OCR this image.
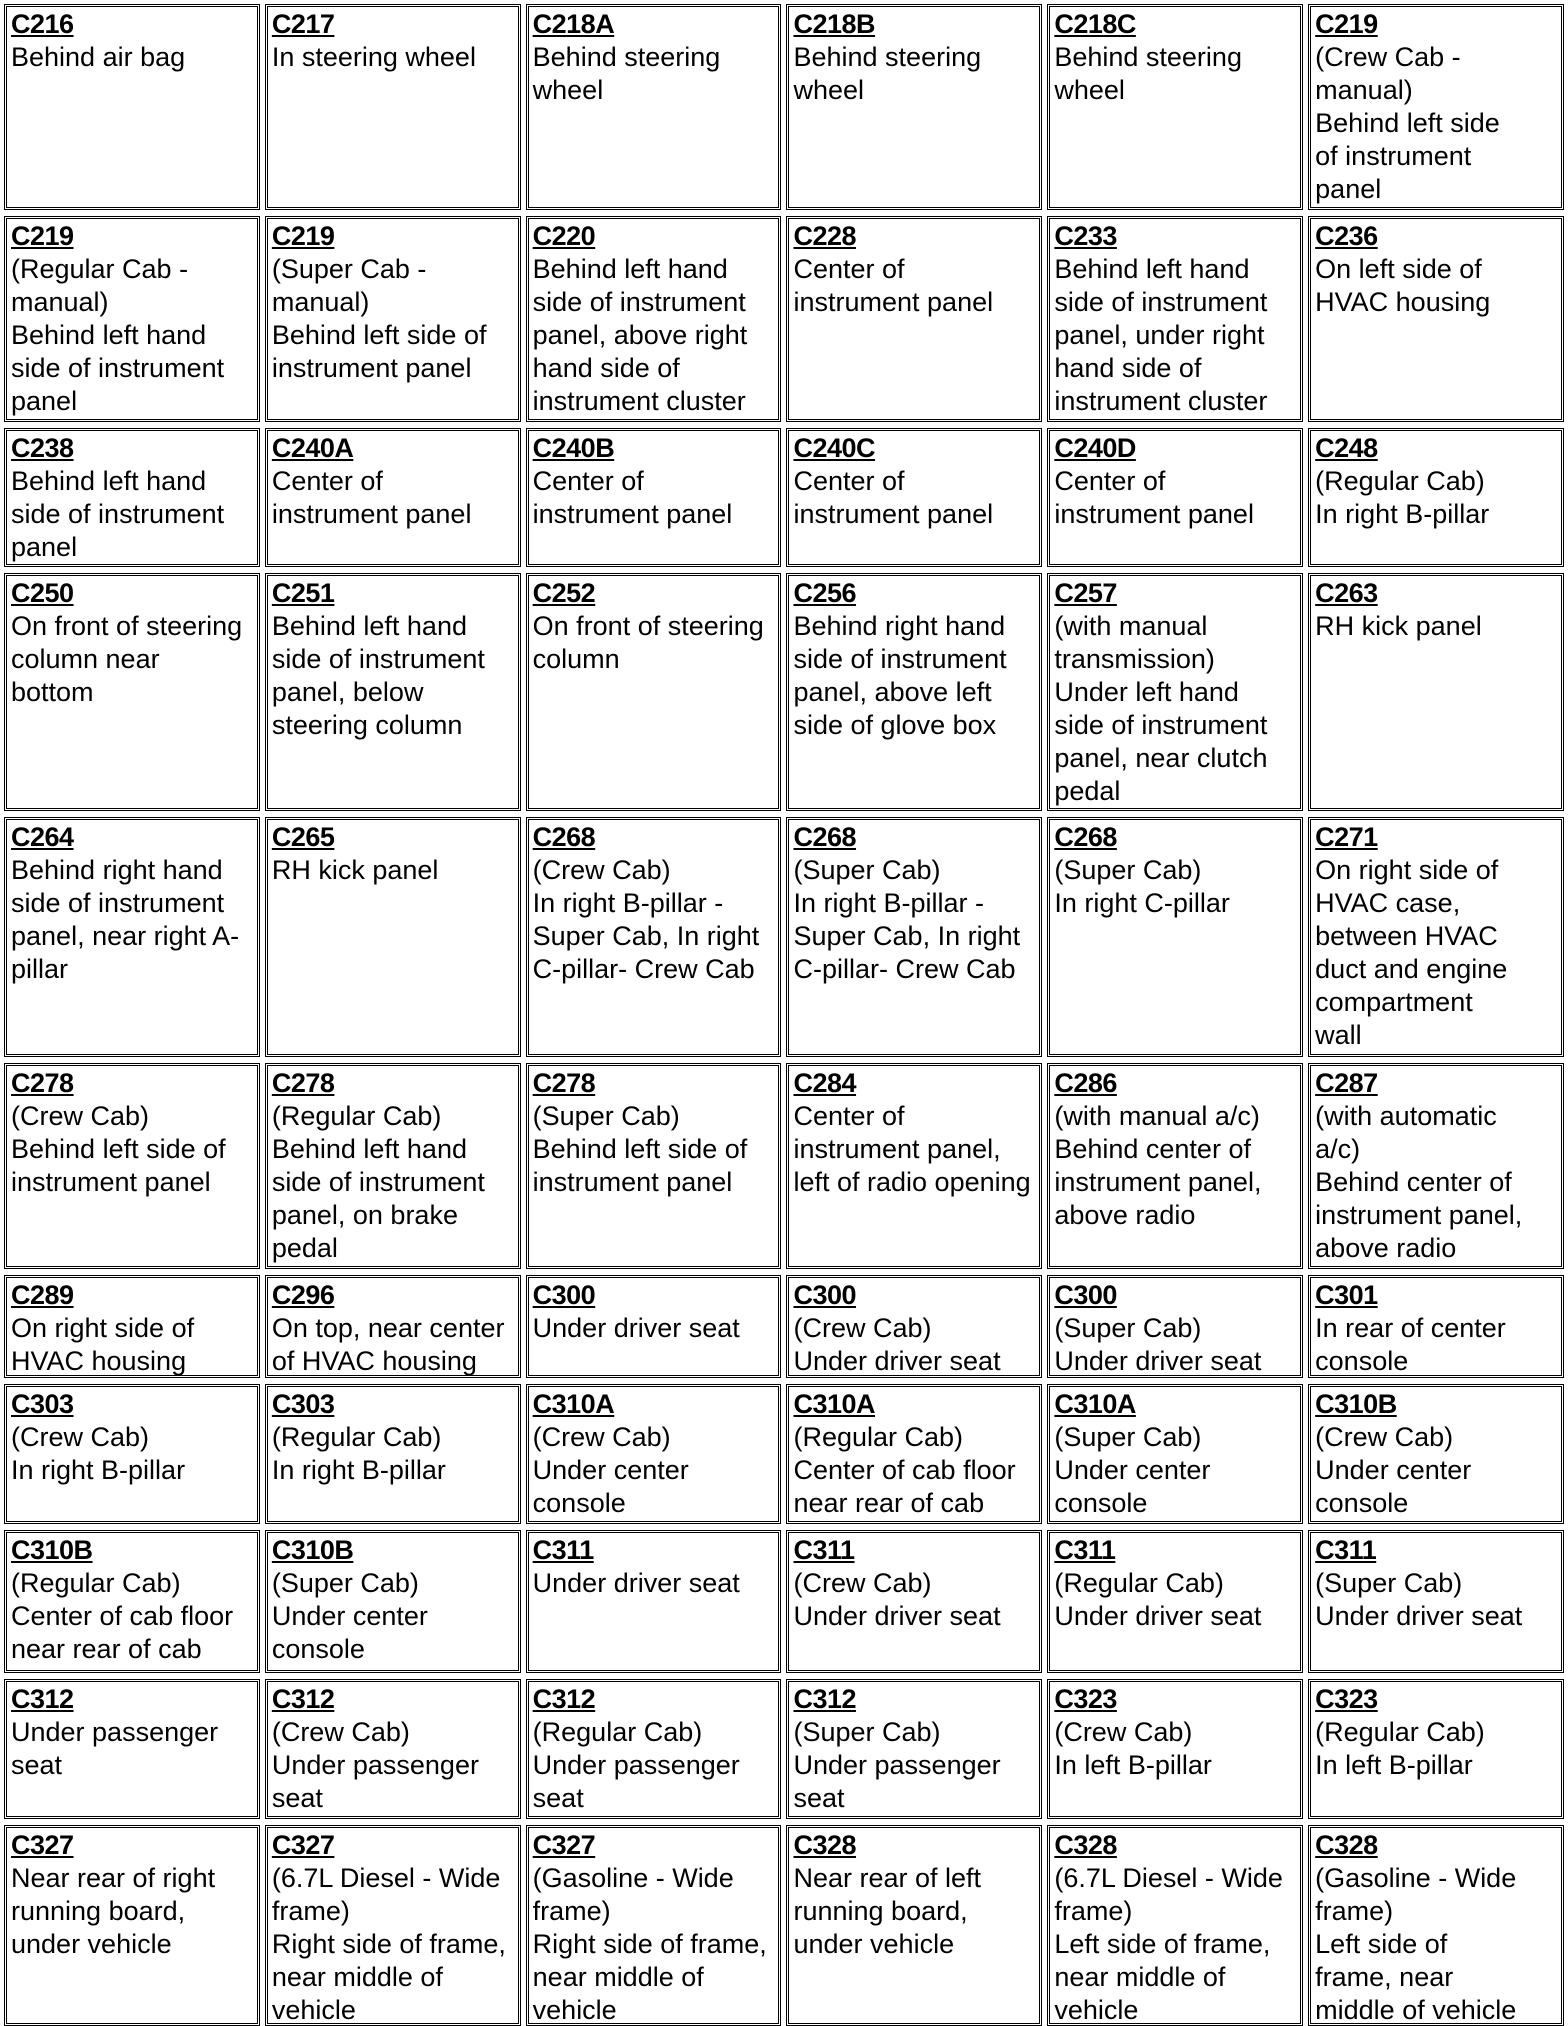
C216
Behind air bag
C217
In steering wheel
C218A
Behind steering
wheel
C218B
Behind steering
wheel
C218C
Behind steering
wheel
C219
(Crew Cab -
manual)
Behind left side
of instrument
panel
C219
(Regular Cab -
manual)
Behind left hand
side of instrument
panel
C219
(Super Cab -
manual)
Behind left side of
instrument panel
C220
Behind left hand
side of instrument
panel, above right
hand side of
instrument cluster
C228
Center of
instrument panel
C233
Behind left hand
side of instrument
panel, under right
hand side of
instrument cluster
C236
On left side of
HVAC housing
C238
Behind left hand
side of instrument
panel
C240A
Center of
instrument panel
C240B
Center of
instrument panel
C240C
Center of
instrument panel
C240D
Center of
instrument panel
C248
(Regular Cab)
In right B-pillar
C250
On front of steering
column near
bottom
C251
Behind left hand
side of instrument
panel, below
steering column
C252
On front of steering
column
C256
Behind right hand
side of instrument
panel, above left
side of glove box
C257
(with manual
transmission)
Under left hand
side of instrument
panel, near clutch
pedal
C263
RH kick panel
C264
Behind right hand
side of instrument
panel, near right A-
pillar
C265
RH kick panel
C268
(Crew Cab)
In right B-pillar -
Super Cab, In right
C-pillar- Crew Cab
C268
(Super Cab)
In right B-pillar -
Super Cab, In right
C-pillar- Crew Cab
C268
(Super Cab)
In right C-pillar
C271
On right side of
HVAC case,
between HVAC
duct and engine
compartment
wall
C278
(Crew Cab)
Behind left side of
instrument panel
C278
(Regular Cab)
Behind left hand
side of instrument
panel, on brake
pedal
C278
(Super Cab)
Behind left side of
instrument panel
C284
Center of
instrument panel,
left of radio opening
C286
(with manual a/c)
Behind center of
instrument panel,
above radio
C287
(with automatic
a/c)
Behind center of
instrument panel,
above radio
C289
On right side of
HVAC housing
C296
On top, near center
of HVAC housing
C300
Under driver seat
C300
(Crew Cab)
Under driver seat
C300
(Super Cab)
Under driver seat
C301
In rear of center
console
C303
(Crew Cab)
In right B-pillar
C303
(Regular Cab)
In right B-pillar
C310A
(Crew Cab)
Under center
console
C310A
(Regular Cab)
Center of cab floor
near rear of cab
C310A
(Super Cab)
Under center
console
C310B
(Crew Cab)
Under center
console
C310B
(Regular Cab)
Center of cab floor
near rear of cab
C310B
(Super Cab)
Under center
console
C311
Under driver seat
C311
(Crew Cab)
Under driver seat
C311
(Regular Cab)
Under driver seat
C311
(Super Cab)
Under driver seat
C312
Under passenger
seat
C312
(Crew Cab)
Under passenger
seat
C312
(Regular Cab)
Under passenger
seat
C312
(Super Cab)
Under passenger
seat
C323
(Crew Cab)
In left B-pillar
C323
(Regular Cab)
In left B-pillar
C327
Near rear of right
running board,
under vehicle
C327
(6.7L Diesel - Wide
frame)
Right side of frame,
near middle of
vehicle
C327
(Gasoline - Wide
frame)
Right side of frame,
near middle of
vehicle
C328
Near rear of left
running board,
under vehicle
C328
(6.7L Diesel - Wide
frame)
Left side of frame,
near middle of
vehicle
C328
(Gasoline - Wide
frame)
Left side of
frame, near
middle of vehicle
